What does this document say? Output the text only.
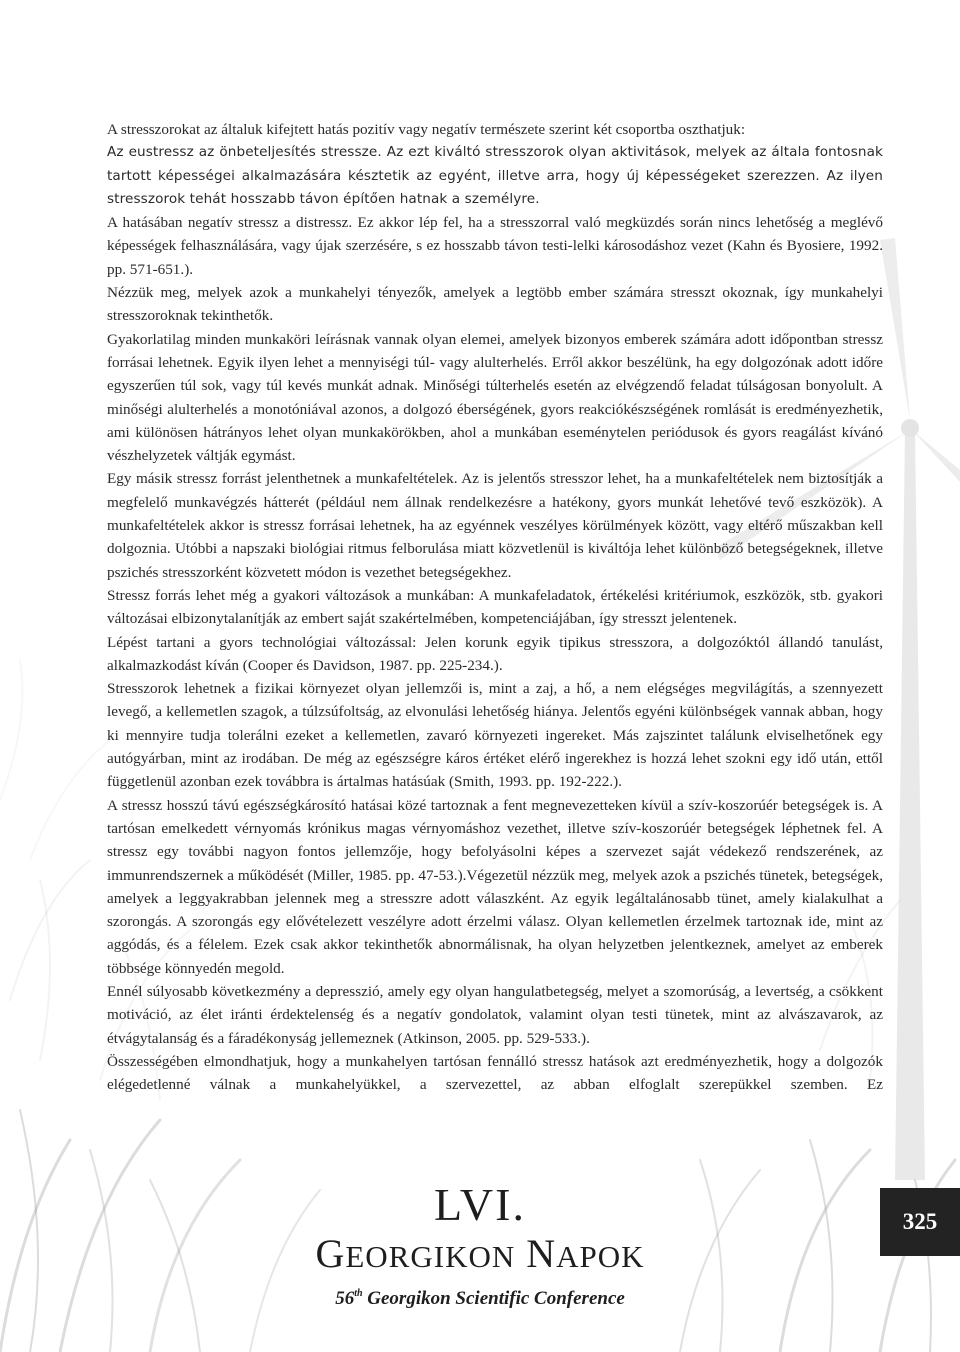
A stresszorokat az általuk kifejtett hatás pozitív vagy negatív természete szerint két csoportba oszthatjuk:

Az eustressz az önbeteljesítés stressze. Az ezt kiváltó stresszorok olyan aktivitások, melyek az általa fontosnak tartott képességei alkalmazására késztetik az egyént, illetve arra, hogy új képességeket szerezzen. Az ilyen stresszorok tehát hosszabb távon építően hatnak a személyre.

A hatásában negatív stressz a distressz. Ez akkor lép fel, ha a stresszorral való megküzdés során nincs lehetőség a meglévő képességek felhasználására, vagy újak szerzésére, s ez hosszabb távon testi-lelki károsodáshoz vezet (Kahn és Byosiere, 1992. pp. 571-651.).

Nézzük meg, melyek azok a munkahelyi tényezők, amelyek a legtöbb ember számára stresszt okoznak, így munkahelyi stresszoroknak tekinthetők.

Gyakorlatilag minden munkaköri leírásnak vannak olyan elemei, amelyek bizonyos emberek számára adott időpontban stressz forrásai lehetnek. Egyik ilyen lehet a mennyiségi túl- vagy alulterhelés. Erről akkor beszélünk, ha egy dolgozónak adott időre egyszerűen túl sok, vagy túl kevés munkát adnak. Minőségi túlterhelés esetén az elvégzendő feladat túlságosan bonyolult. A minőségi alulterhelés a monotóniával azonos, a dolgozó éberségének, gyors reakciókészségének romlását is eredményezhetik, ami különösen hátrányos lehet olyan munkakörökben, ahol a munkában eseménytelen periódusok és gyors reagálást kívánó vészhelyzetek váltják egymást.

Egy másik stressz forrást jelenthetnek a munkafeltételek. Az is jelentős stresszor lehet, ha a munkafeltételek nem biztosítják a megfelelő munkavégzés hátterét (például nem állnak rendelkezésre a hatékony, gyors munkát lehetővé tevő eszközök). A munkafeltételek akkor is stressz forrásai lehetnek, ha az egyénnek veszélyes körülmények között, vagy eltérő műszakban kell dolgoznia. Utóbbi a napszaki biológiai ritmus felborulása miatt közvetlenül is kiváltója lehet különböző betegségeknek, illetve pszichés stresszorként közvetett módon is vezethet betegségekhez.

Stressz forrás lehet még a gyakori változások a munkában: A munkafeladatok, értékelési kritériumok, eszközök, stb. gyakori változásai elbizonytalanítják az embert saját szakértelmében, kompetenciájában, így stresszt jelentenek.

Lépést tartani a gyors technológiai változással: Jelen korunk egyik tipikus stresszora, a dolgozóktól állandó tanulást, alkalmazkodást kíván (Cooper és Davidson, 1987. pp. 225-234.).

Stresszorok lehetnek a fizikai környezet olyan jellemzői is, mint a zaj, a hő, a nem elégséges megvilágítás, a szennyezett levegő, a kellemetlen szagok, a túlzsúfoltság, az elvonulási lehetőség hiánya. Jelentős egyéni különbségek vannak abban, hogy ki mennyire tudja tolerálni ezeket a kellemetlen, zavaró környezeti ingereket. Más zajszintet találunk elviselhetőnek egy autógyárban, mint az irodában. De még az egészségre káros értéket elérő ingerekhez is hozzá lehet szokni egy idő után, ettől függetlenül azonban ezek továbbra is ártalmas hatásúak (Smith, 1993. pp. 192-222.).

A stressz hosszú távú egészségkárosító hatásai közé tartoznak a fent megnevezetteken kívül a szív-koszorúér betegségek is. A tartósan emelkedett vérnyomás krónikus magas vérnyomáshoz vezethet, illetve szív-koszorúér betegségek léphetnek fel. A stressz egy további nagyon fontos jellemzője, hogy befolyásolni képes a szervezet saját védekező rendszerének, az immunrendszernek a működését (Miller, 1985. pp. 47-53.).Végezetül nézzük meg, melyek azok a pszichés tünetek, betegségek, amelyek a leggyakrabban jelennek meg a stresszre adott válaszként. Az egyik legáltalánosabb tünet, amely kialakulhat a szorongás. A szorongás egy elővételezett veszélyre adott érzelmi válasz. Olyan kellemetlen érzelmek tartoznak ide, mint az aggódás, és a félelem. Ezek csak akkor tekinthetők abnormálisnak, ha olyan helyzetben jelentkeznek, amelyet az emberek többsége könnyedén megold.

Ennél súlyosabb következmény a depresszió, amely egy olyan hangulatbetegség, melyet a szomorúság, a levertség, a csökkent motiváció, az élet iránti érdektelenség és a negatív gondolatok, valamint olyan testi tünetek, mint az alvászavarok, az étvágytalanság és a fáradékonyság jellemeznek (Atkinson, 2005. pp. 529-533.).

Összességében elmondhatjuk, hogy a munkahelyen tartósan fennálló stressz hatások azt eredményezhetik, hogy a dolgozók elégedetlenné válnak a munkahelyükkel, a szervezettel, az abban elfoglalt szerepükkel szemben. Ez

LVI.
GEORGIKON NAPOK
56th Georgikon Scientific Conference
325
